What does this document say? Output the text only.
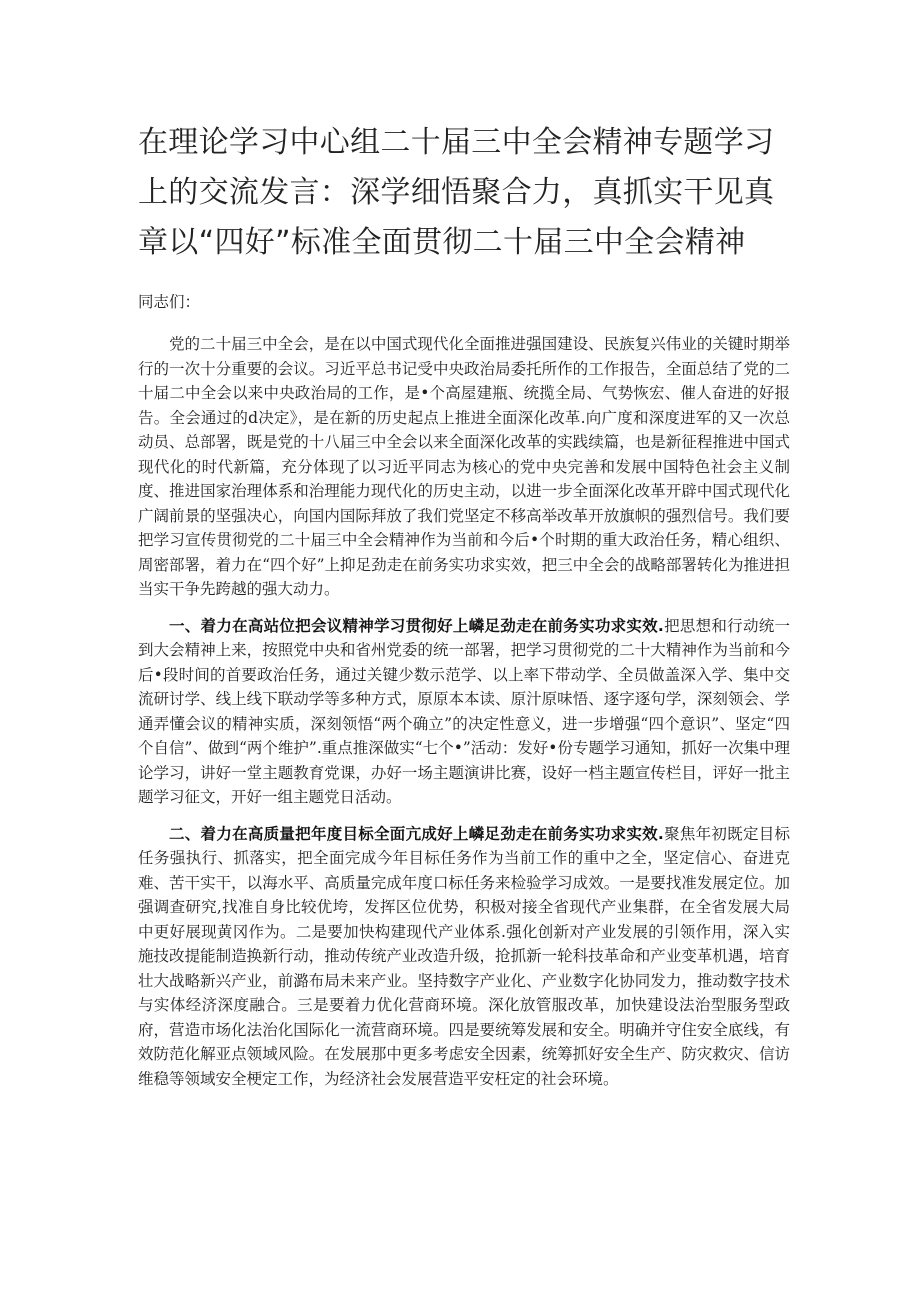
在理论学习中心组二十届三中全会精神专题学习上的交流发言：深学细悟聚合力，真抓实干见真章以“四好”标准全面贯彻二十届三中全会精神

同志们：

党的二十届三中全会，是在以中国式现代化全面推进强国建设、民族复兴伟业的关键时期举行的一次十分重要的会议。习近平总书记受中央政治局委托所作的工作报告，全面总结了党的二十届二中全会以来中央政治局的工作，是•个高屋建瓶、统揽全局、气势恢宏、催人奋进的好报告。全会通过的d决定》，是在新的历史起点上推进全面深化改革.向广度和深度进军的又一次总动员、总部署，既是党的十八届三中全会以来全面深化改革的实践续篇，也是新征程推进中国式现代化的时代新篇，充分体现了以习近平同志为核心的党中央完善和发展中国特色社会主义制度、推进国家治理体系和治理能力现代化的历史主动，以进一步全面深化改革开辟中国式现代化广阔前景的坚强决心，向国内国际拜放了我们党坚定不移高举改革开放旗帜的强烈信号。我们要把学习宣传贯彻党的二十届三中全会精神作为当前和今后•个时期的重大政治任务，精心组织、周密部署，着力在“四个好”上抑足劲走在前务实功求实效，把三中全会的战略部署转化为推进担当实干争先跨越的强大动力。

一、着力在高站位把会议精神学习贯彻好上嶙足劲走在前务实功求实效.把思想和行动统一到大会精神上来，按照党中央和省州党委的统一部署，把学习贯彻党的二十大精神作为当前和今后•段时间的首要政治任务，通过关键少数示范学、以上率下带动学、全员做盖深入学、集中交流研讨学、线上线下联动学等多种方式，原原本本读、原汁原味悟、逐字逐句学，深刻领会、学通弄懂会议的精神实质，深刻领悟“两个确立”的决定性意义，进一步增强“四个意识”、坚定“四个自信”、做到“两个维护”.重点推深做实“七个•”活动：发好•份专题学习通知，抓好一次集中理论学习，讲好一堂主题教育党课，办好一场主题演讲比赛，设好一档主题宣传栏目，评好一批主题学习征文，开好一组主题党日活动。

二、着力在高质量把年度目标全面亢成好上嶙足劲走在前务实功求实效.聚焦年初既定目标任务强执行、抓落实，把全面完成今年目标任务作为当前工作的重中之全，坚定信心、奋进克难、苦干实干，以海水平、高质量完成年度口标任务来检验学习成效。一是要找准发展定位。加强调查研究,找准自身比较优垮，发挥区位优势，积极对接全省现代产业集群，在全省发展大局中更好展现黄冈作为。二是要加快构建现代产业体系.强化创新对产业发展的引领作用，深入实施技改提能制造换新行动，推动传统产业改造升级，抢抓新一轮科技革命和产业变革机遇，培育壮大战略新兴产业，前潞布局未来产业。坚持数字产业化、产业数字化协同发力，推动数字技术与实体经济深度融合。三是要着力优化营商环境。深化放管服改革，加快建设法治型服务型政府，营造市场化法治化国际化一流营商环境。四是要统筹发展和安全。明确并守住安全底线，有效防范化解亚点领域风险。在发展那中更多考虑安全因素，统筹抓好安全生产、防灾救灾、信访维稳等领域安全梗定工作，为经济社会发展营造平安枉定的社会环境。
